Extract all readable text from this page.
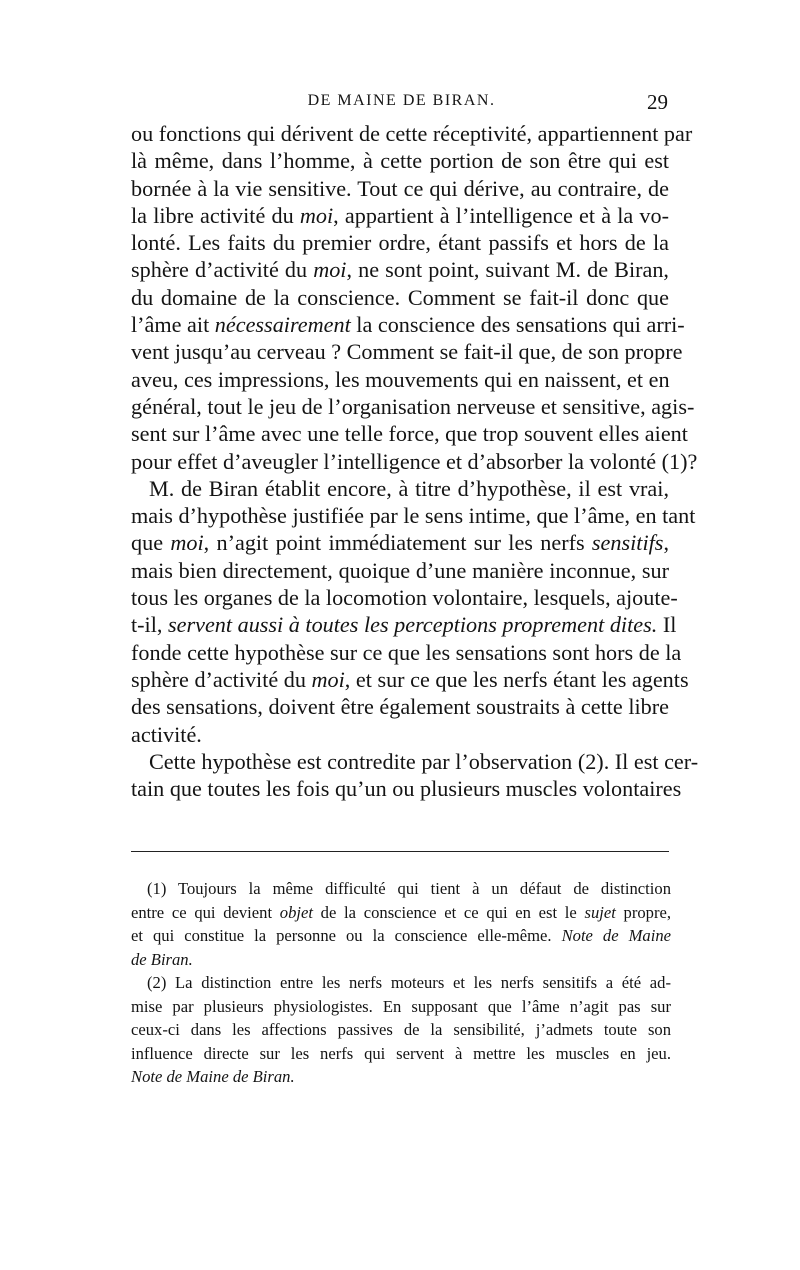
DE MAINE DE BIRAN.	29

ou fonctions qui dérivent de cette réceptivité, appartiennent par
là même, dans l’homme, à cette portion de son être qui est
bornée à la vie sensitive. Tout ce qui dérive, au contraire, de
la libre activité du moi, appartient à l’intelligence et à la vo-
lonté. Les faits du premier ordre, étant passifs et hors de la
sphère d’activité du moi, ne sont point, suivant M. de Biran,
du domaine de la conscience. Comment se fait-il donc que
l’âme ait nécessairement la conscience des sensations qui arri-
vent jusqu’au cerveau ? Comment se fait-il que, de son propre
aveu, ces impressions, les mouvements qui en naissent, et en
général, tout le jeu de l’organisation nerveuse et sensitive, agis-
sent sur l’âme avec une telle force, que trop souvent elles aient
pour effet d’aveugler l’intelligence et d’absorber la volonté (1)?

M. de Biran établit encore, à titre d’hypothèse, il est vrai,
mais d’hypothèse justifiée par le sens intime, que l’âme, en tant
que moi, n’agit point immédiatement sur les nerfs sensitifs,
mais bien directement, quoique d’une manière inconnue, sur
tous les organes de la locomotion volontaire, lesquels, ajoute-
t-il, servent aussi à toutes les perceptions proprement dites. Il
fonde cette hypothèse sur ce que les sensations sont hors de la
sphère d’activité du moi, et sur ce que les nerfs étant les agents
des sensations, doivent être également soustraits à cette libre
activité.

Cette hypothèse est contredite par l’observation (2). Il est cer-
tain que toutes les fois qu’un ou plusieurs muscles volontaires

(1) Toujours la même difficulté qui tient à un défaut de distinction
entre ce qui devient objet de la conscience et ce qui en est le sujet propre,
et qui constitue la personne ou la conscience elle-même. Note de Maine
de Biran.
(2) La distinction entre les nerfs moteurs et les nerfs sensitifs a été ad-
mise par plusieurs physiologistes. En supposant que l’âme n’agit pas sur
ceux-ci dans les affections passives de la sensibilité, j’admets toute son
influence directe sur les nerfs qui servent à mettre les muscles en jeu.
Note de Maine de Biran.
